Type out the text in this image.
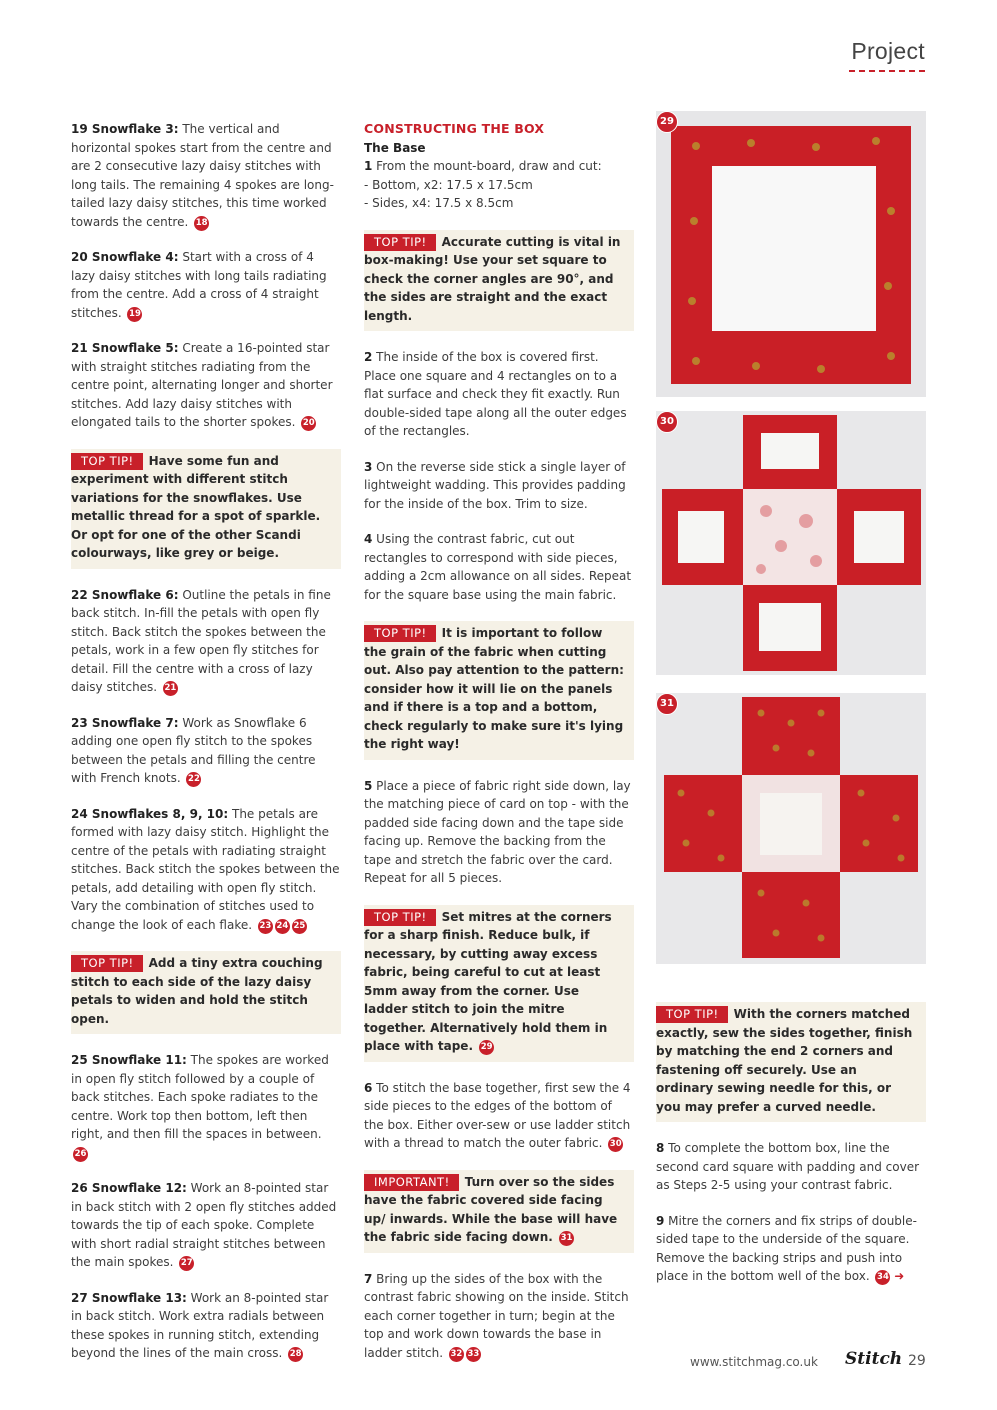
Project

19 Snowflake 3: The vertical and horizontal spokes start from the centre and are 2 consecutive lazy daisy stitches with long tails. The remaining 4 spokes are long-tailed lazy daisy stitches, this time worked towards the centre. 18

20 Snowflake 4: Start with a cross of 4 lazy daisy stitches with long tails radiating from the centre. Add a cross of 4 straight stitches. 19

21 Snowflake 5: Create a 16-pointed star with straight stitches radiating from the centre point, alternating longer and shorter stitches. Add lazy daisy stitches with elongated tails to the shorter spokes. 20

TOP TIP! Have some fun and experiment with different stitch variations for the snowflakes. Use metallic thread for a spot of sparkle. Or opt for one of the other Scandi colourways, like grey or beige.

22 Snowflake 6: Outline the petals in fine back stitch. In-fill the petals with open fly stitch. Back stitch the spokes between the petals, work in a few open fly stitches for detail. Fill the centre with a cross of lazy daisy stitches. 21

23 Snowflake 7: Work as Snowflake 6 adding one open fly stitch to the spokes between the petals and filling the centre with French knots. 22

24 Snowflakes 8, 9, 10: The petals are formed with lazy daisy stitch. Highlight the centre of the petals with radiating straight stitches. Back stitch the spokes between the petals, add detailing with open fly stitch. Vary the combination of stitches used to change the look of each flake. 23 24 25

TOP TIP! Add a tiny extra couching stitch to each side of the lazy daisy petals to widen and hold the stitch open.

25 Snowflake 11: The spokes are worked in open fly stitch followed by a couple of back stitches. Each spoke radiates to the centre. Work top then bottom, left then right, and then fill the spaces in between. 26

26 Snowflake 12: Work an 8-pointed star in back stitch with 2 open fly stitches added towards the tip of each spoke. Complete with short radial straight stitches between the main spokes. 27

27 Snowflake 13: Work an 8-pointed star in back stitch. Work extra radials between these spokes in running stitch, extending beyond the lines of the main cross. 28

CONSTRUCTING THE BOX

The Base

1 From the mount-board, draw and cut:
- Bottom, x2: 17.5 x 17.5cm
- Sides, x4: 17.5 x 8.5cm

TOP TIP! Accurate cutting is vital in box-making! Use your set square to check the corner angles are 90°, and the sides are straight and the exact length.

2 The inside of the box is covered first. Place one square and 4 rectangles on to a flat surface and check they fit exactly. Run double-sided tape along all the outer edges of the rectangles.

3 On the reverse side stick a single layer of lightweight wadding. This provides padding for the inside of the box. Trim to size.

4 Using the contrast fabric, cut out rectangles to correspond with side pieces, adding a 2cm allowance on all sides. Repeat for the square base using the main fabric.

TOP TIP! It is important to follow the grain of the fabric when cutting out. Also pay attention to the pattern: consider how it will lie on the panels and if there is a top and a bottom, check regularly to make sure it's lying the right way!

5 Place a piece of fabric right side down, lay the matching piece of card on top - with the padded side facing down and the tape side facing up. Remove the backing from the tape and stretch the fabric over the card. Repeat for all 5 pieces.

TOP TIP! Set mitres at the corners for a sharp finish. Reduce bulk, if necessary, by cutting away excess fabric, being careful to cut at least 5mm away from the corner. Use ladder stitch to join the mitre together. Alternatively hold them in place with tape. 29

6 To stitch the base together, first sew the 4 side pieces to the edges of the bottom of the box. Either over-sew or use ladder stitch with a thread to match the outer fabric. 30

IMPORTANT! Turn over so the sides have the fabric covered side facing up/ inwards. While the base will have the fabric side facing down. 31

7 Bring up the sides of the box with the contrast fabric showing on the inside. Stitch each corner together in turn; begin at the top and work down towards the base in ladder stitch. 32 33

29
30
31
TOP TIP! With the corners matched exactly, sew the sides together, finish by matching the end 2 corners and fastening off securely. Use an ordinary sewing needle for this, or you may prefer a curved needle.

8 To complete the bottom box, line the second card square with padding and cover as Steps 2-5 using your contrast fabric.

9 Mitre the corners and fix strips of double-sided tape to the underside of the square. Remove the backing strips and push into place in the bottom well of the box. 34 ➜

www.stitchmag.co.uk Stitch 29
